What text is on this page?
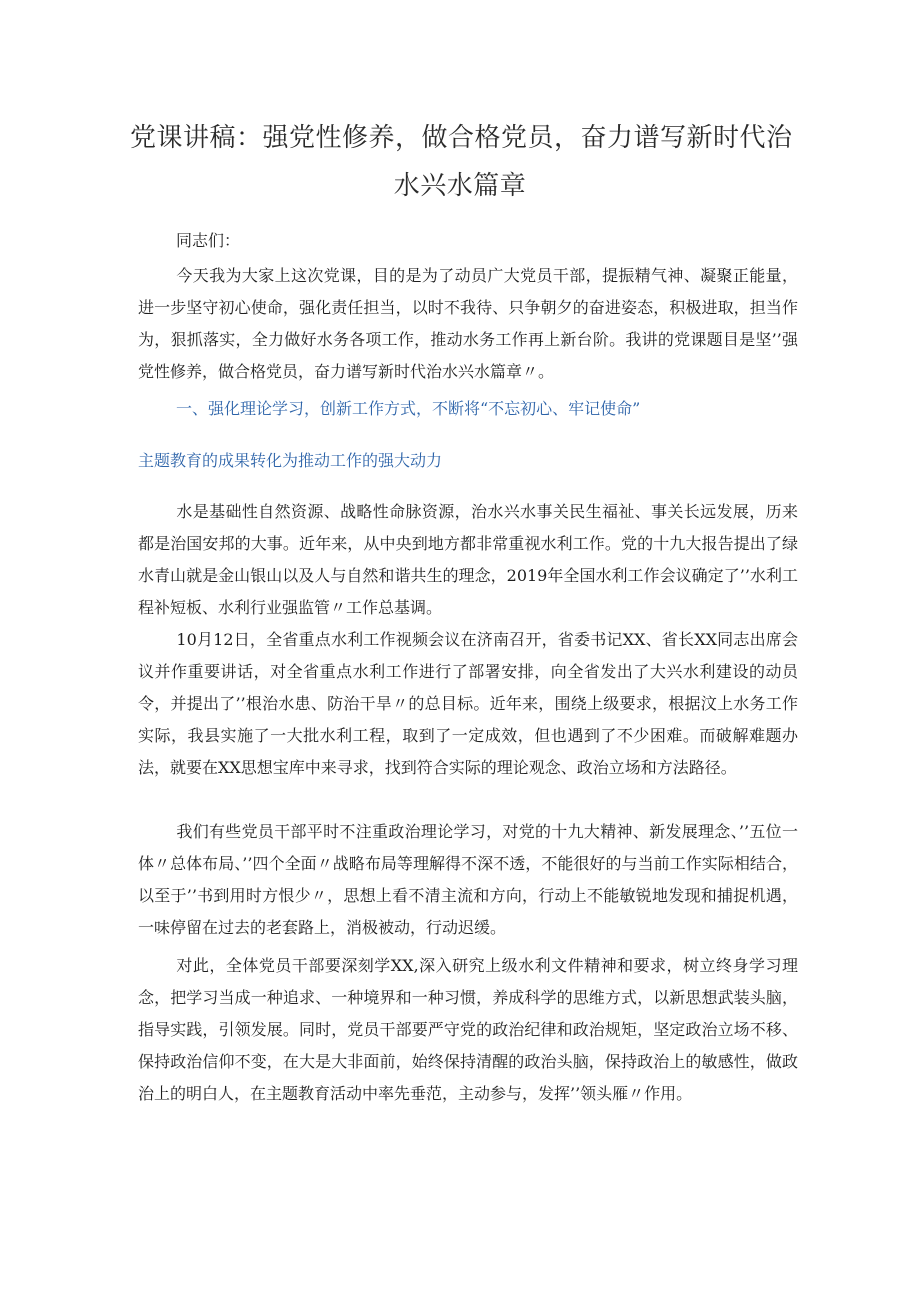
党课讲稿：强党性修养，做合格党员，奋力谱写新时代治
水兴水篇章
同志们：
今天我为大家上这次党课，目的是为了动员广大党员干部，提振精气神、凝聚正能量，进一步坚守初心使命，强化责任担当，以时不我待、只争朝夕的奋进姿态，积极进取，担当作为，狠抓落实，全力做好水务各项工作，推动水务工作再上新台阶。我讲的党课题目是坚’’强党性修养，做合格党员，奋力谱写新时代治水兴水篇章〃。
一、强化理论学习，创新工作方式，不断将“不忘初心、牢记使命”
主题教育的成果转化为推动工作的强大动力
水是基础性自然资源、战略性命脉资源，治水兴水事关民生福祉、事关长远发展，历来都是治国安邦的大事。近年来，从中央到地方都非常重视水利工作。党的十九大报告提出了绿水青山就是金山银山以及人与自然和谐共生的理念，2019年全国水利工作会议确定了’’水利工程补短板、水利行业强监管〃工作总基调。
10月12日，全省重点水利工作视频会议在济南召开，省委书记XX、省长XX同志出席会议并作重要讲话，对全省重点水利工作进行了部署安排，向全省发出了大兴水利建设的动员令，并提出了’’根治水患、防治干旱〃的总目标。近年来，围绕上级要求，根据汶上水务工作实际，我县实施了一大批水利工程，取到了一定成效，但也遇到了不少困难。而破解难题办法，就要在XX思想宝库中来寻求，找到符合实际的理论观念、政治立场和方法路径。
我们有些党员干部平时不注重政治理论学习，对党的十九大精神、新发展理念、’’五位一体〃总体布局、’’四个全面〃战略布局等理解得不深不透，不能很好的与当前工作实际相结合，以至于’’书到用时方恨少〃，思想上看不清主流和方向，行动上不能敏锐地发现和捕捉机遇，一味停留在过去的老套路上，消极被动，行动迟缓。
对此，全体党员干部要深刻学XX,深入研究上级水利文件精神和要求，树立终身学习理念，把学习当成一种追求、一种境界和一种习惯，养成科学的思维方式，以新思想武装头脑，指导实践，引领发展。同时，党员干部要严守党的政治纪律和政治规矩，坚定政治立场不移、保持政治信仰不变，在大是大非面前，始终保持清醒的政治头脑，保持政治上的敏感性，做政治上的明白人，在主题教育活动中率先垂范，主动参与，发挥’’领头雁〃作用。
